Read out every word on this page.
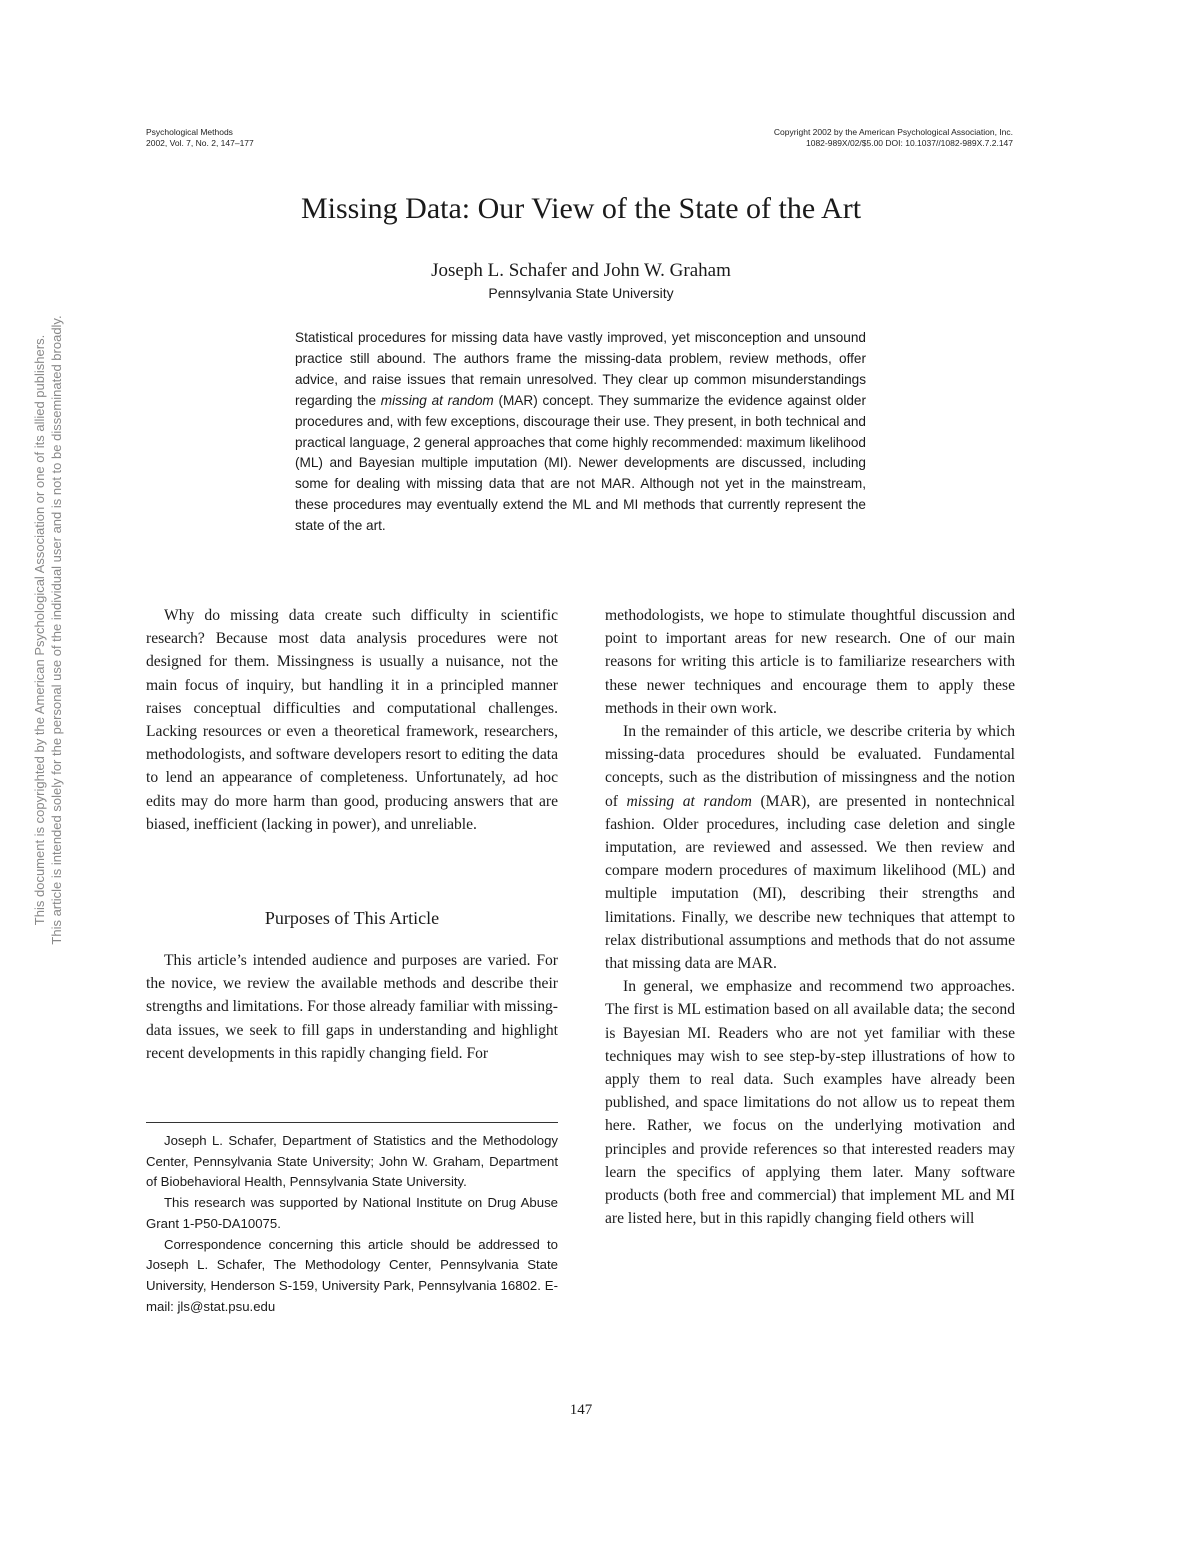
Psychological Methods
2002, Vol. 7, No. 2, 147–177
Copyright 2002 by the American Psychological Association, Inc.
1082-989X/02/$5.00 DOI: 10.1037//1082-989X.7.2.147
This document is copyrighted by the American Psychological Association or one of its allied publishers. This article is intended solely for the personal use of the individual user and is not to be disseminated broadly.
Missing Data: Our View of the State of the Art
Joseph L. Schafer and John W. Graham
Pennsylvania State University

Statistical procedures for missing data have vastly improved, yet misconception and unsound practice still abound. The authors frame the missing-data problem, review methods, offer advice, and raise issues that remain unresolved. They clear up common misunderstandings regarding the missing at random (MAR) concept. They summarize the evidence against older procedures and, with few exceptions, discourage their use. They present, in both technical and practical language, 2 general approaches that come highly recommended: maximum likelihood (ML) and Bayesian multiple imputation (MI). Newer developments are discussed, including some for dealing with missing data that are not MAR. Although not yet in the mainstream, these procedures may eventually extend the ML and MI methods that currently represent the state of the art.

Why do missing data create such difficulty in scientific research? Because most data analysis procedures were not designed for them. Missingness is usually a nuisance, not the main focus of inquiry, but handling it in a principled manner raises conceptual difficulties and computational challenges. Lacking resources or even a theoretical framework, researchers, methodologists, and software developers resort to editing the data to lend an appearance of completeness. Unfortunately, ad hoc edits may do more harm than good, producing answers that are biased, inefficient (lacking in power), and unreliable.

Purposes of This Article

This article’s intended audience and purposes are varied. For the novice, we review the available methods and describe their strengths and limitations. For those already familiar with missing-data issues, we seek to fill gaps in understanding and highlight recent developments in this rapidly changing field. For

Joseph L. Schafer, Department of Statistics and the Methodology Center, Pennsylvania State University; John W. Graham, Department of Biobehavioral Health, Pennsylvania State University.

This research was supported by National Institute on Drug Abuse Grant 1-P50-DA10075.

Correspondence concerning this article should be addressed to Joseph L. Schafer, The Methodology Center, Pennsylvania State University, Henderson S-159, University Park, Pennsylvania 16802. E-mail: jls@stat.psu.edu

methodologists, we hope to stimulate thoughtful discussion and point to important areas for new research. One of our main reasons for writing this article is to familiarize researchers with these newer techniques and encourage them to apply these methods in their own work.

In the remainder of this article, we describe criteria by which missing-data procedures should be evaluated. Fundamental concepts, such as the distribution of missingness and the notion of missing at random (MAR), are presented in nontechnical fashion. Older procedures, including case deletion and single imputation, are reviewed and assessed. We then review and compare modern procedures of maximum likelihood (ML) and multiple imputation (MI), describing their strengths and limitations. Finally, we describe new techniques that attempt to relax distributional assumptions and methods that do not assume that missing data are MAR.

In general, we emphasize and recommend two approaches. The first is ML estimation based on all available data; the second is Bayesian MI. Readers who are not yet familiar with these techniques may wish to see step-by-step illustrations of how to apply them to real data. Such examples have already been published, and space limitations do not allow us to repeat them here. Rather, we focus on the underlying motivation and principles and provide references so that interested readers may learn the specifics of applying them later. Many software products (both free and commercial) that implement ML and MI are listed here, but in this rapidly changing field others will

147
